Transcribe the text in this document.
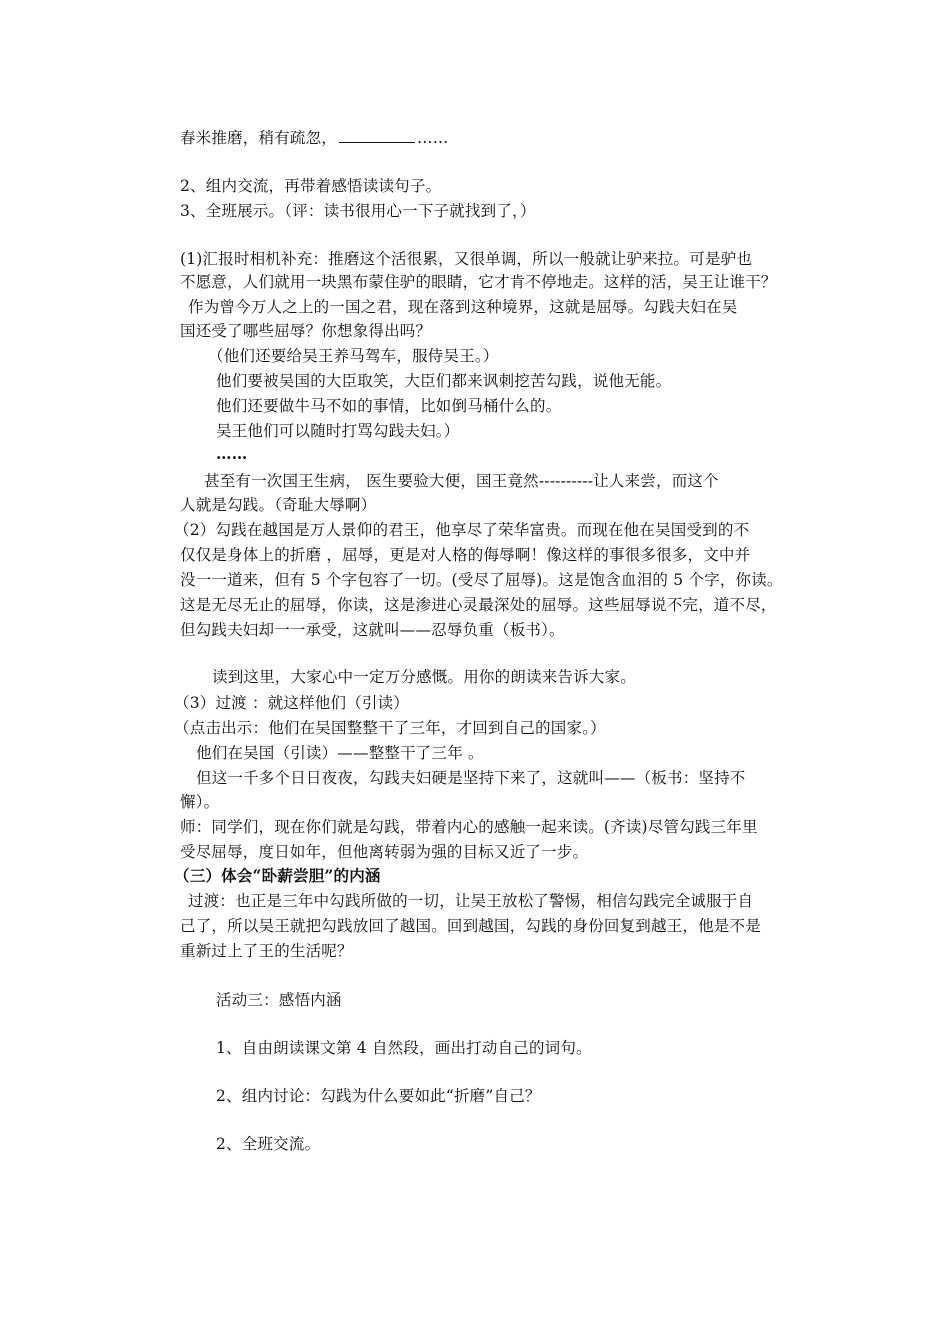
春米推磨，稍有疏忽，	……

2、组内交流，再带着感悟读读句子。

3、全班展示。（评：读书很用心一下子就找到了，）

(1)汇报时相机补充：推磨这个活很累，又很单调，所以一般就让驴来拉。可是驴也

不愿意，人们就用一块黑布蒙住驴的眼睛，它才肯不停地走。这样的活，吴王让谁干？

作为曾今万人之上的一国之君，现在落到这种境界，这就是屈辱。勾践夫妇在吴

国还受了哪些屈辱？你想象得出吗？

（他们还要给吴王养马驾车，服侍吴王。）

他们要被吴国的大臣取笑，大臣们都来讽刺挖苦勾践，说他无能。

他们还要做牛马不如的事情，比如倒马桶什么的。

吴王他们可以随时打骂勾践夫妇。）

……

甚至有一次国王生病， 医生要验大便，国王竟然----------让人来尝，而这个

人就是勾践。（奇耻大辱啊）

（2）勾践在越国是万人景仰的君王，他享尽了荣华富贵。而现在他在吴国受到的不

仅仅是身体上的折磨 ，屈辱，更是对人格的侮辱啊！像这样的事很多很多，文中并

没一一道来，但有 5 个字包容了一切。(受尽了屈辱)。这是饱含血泪的 5 个字，你读。

这是无尽无止的屈辱，你读，这是渗进心灵最深处的屈辱。这些屈辱说不完，道不尽，

但勾践夫妇却一一承受，这就叫——忍辱负重（板书）。

读到这里，大家心中一定万分感慨。用你的朗读来告诉大家。

（3）过渡 ：就这样他们（引读）

（点击出示：他们在吴国整整干了三年，才回到自己的国家。）

他们在吴国（引读）——整整干了三年 。

但这一千多个日日夜夜，勾践夫妇硬是坚持下来了，这就叫——（板书：坚持不

懈）。

师：同学们，现在你们就是勾践，带着内心的感触一起来读。(齐读)尽管勾践三年里

受尽屈辱，度日如年，但他离转弱为强的目标又近了一步。

（三）体会“卧薪尝胆”的内涵

过渡：也正是三年中勾践所做的一切，让吴王放松了警惕，相信勾践完全诚服于自

己了，所以吴王就把勾践放回了越国。回到越国，勾践的身份回复到越王，他是不是

重新过上了王的生活呢？

活动三：感悟内涵

1、自由朗读课文第 4 自然段，画出打动自己的词句。

2、组内讨论：勾践为什么要如此“折磨”自己？

2、全班交流。
